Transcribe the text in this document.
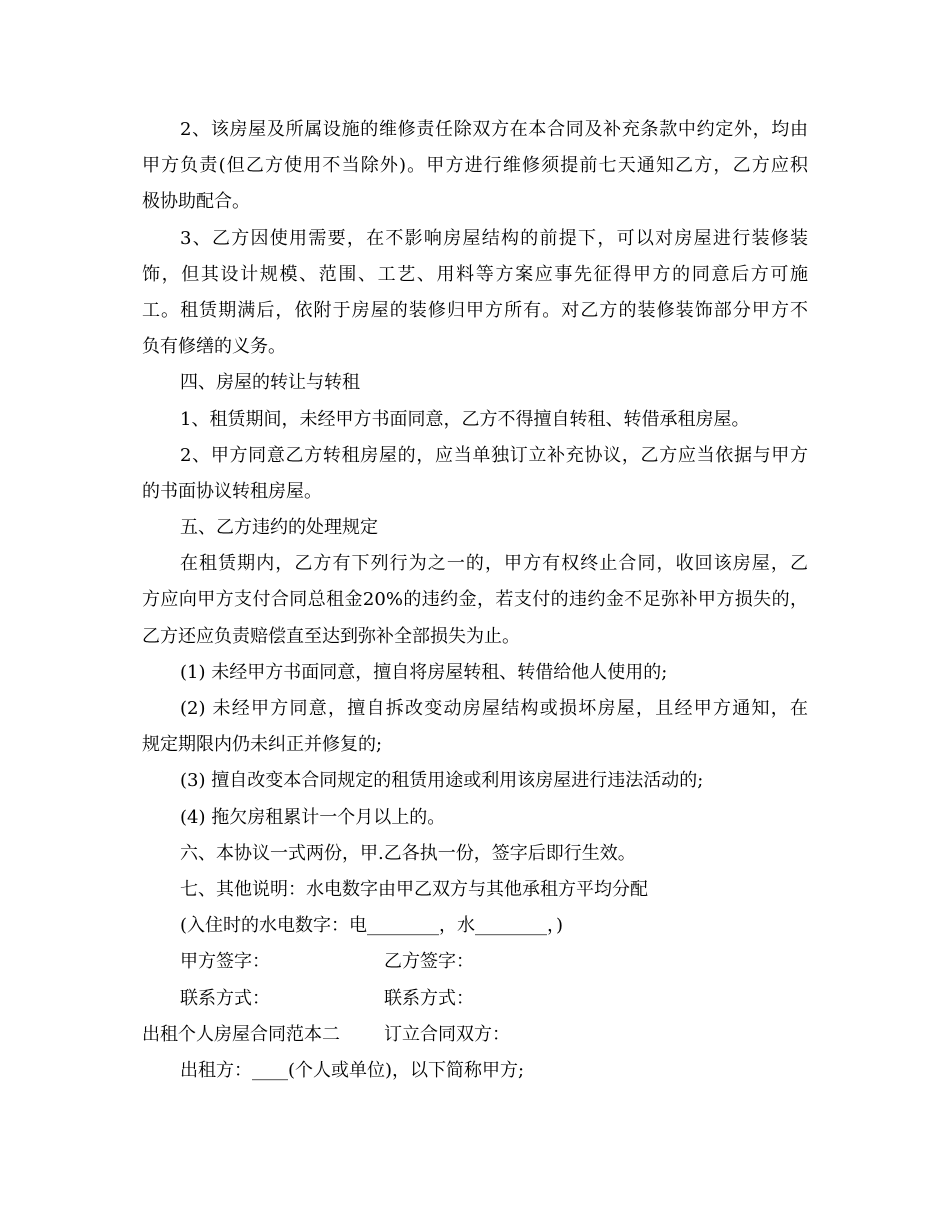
2、该房屋及所属设施的维修责任除双方在本合同及补充条款中约定外，均由
甲方负责(但乙方使用不当除外)。甲方进行维修须提前七天通知乙方，乙方应积
极协助配合。
3、乙方因使用需要，在不影响房屋结构的前提下，可以对房屋进行装修装
饰，但其设计规模、范围、工艺、用料等方案应事先征得甲方的同意后方可施
工。租赁期满后，依附于房屋的装修归甲方所有。对乙方的装修装饰部分甲方不
负有修缮的义务。
四、房屋的转让与转租
1、租赁期间，未经甲方书面同意，乙方不得擅自转租、转借承租房屋。
2、甲方同意乙方转租房屋的，应当单独订立补充协议，乙方应当依据与甲方
的书面协议转租房屋。
五、乙方违约的处理规定
在租赁期内，乙方有下列行为之一的，甲方有权终止合同，收回该房屋，乙
方应向甲方支付合同总租金20%的违约金，若支付的违约金不足弥补甲方损失的，
乙方还应负责赔偿直至达到弥补全部损失为止。
(1) 未经甲方书面同意，擅自将房屋转租、转借给他人使用的;
(2) 未经甲方同意，擅自拆改变动房屋结构或损坏房屋，且经甲方通知，在
规定期限内仍未纠正并修复的;
(3) 擅自改变本合同规定的租赁用途或利用该房屋进行违法活动的;
(4) 拖欠房租累计一个月以上的。
六、本协议一式两份，甲.乙各执一份，签字后即行生效。
七、其他说明：水电数字由甲乙双方与其他承租方平均分配
(入住时的水电数字：电________，水________，)
甲方签字：	乙方签字：
联系方式：	联系方式：
出租个人房屋合同范本二	订立合同双方：
出租方：____(个人或单位)，以下简称甲方;
